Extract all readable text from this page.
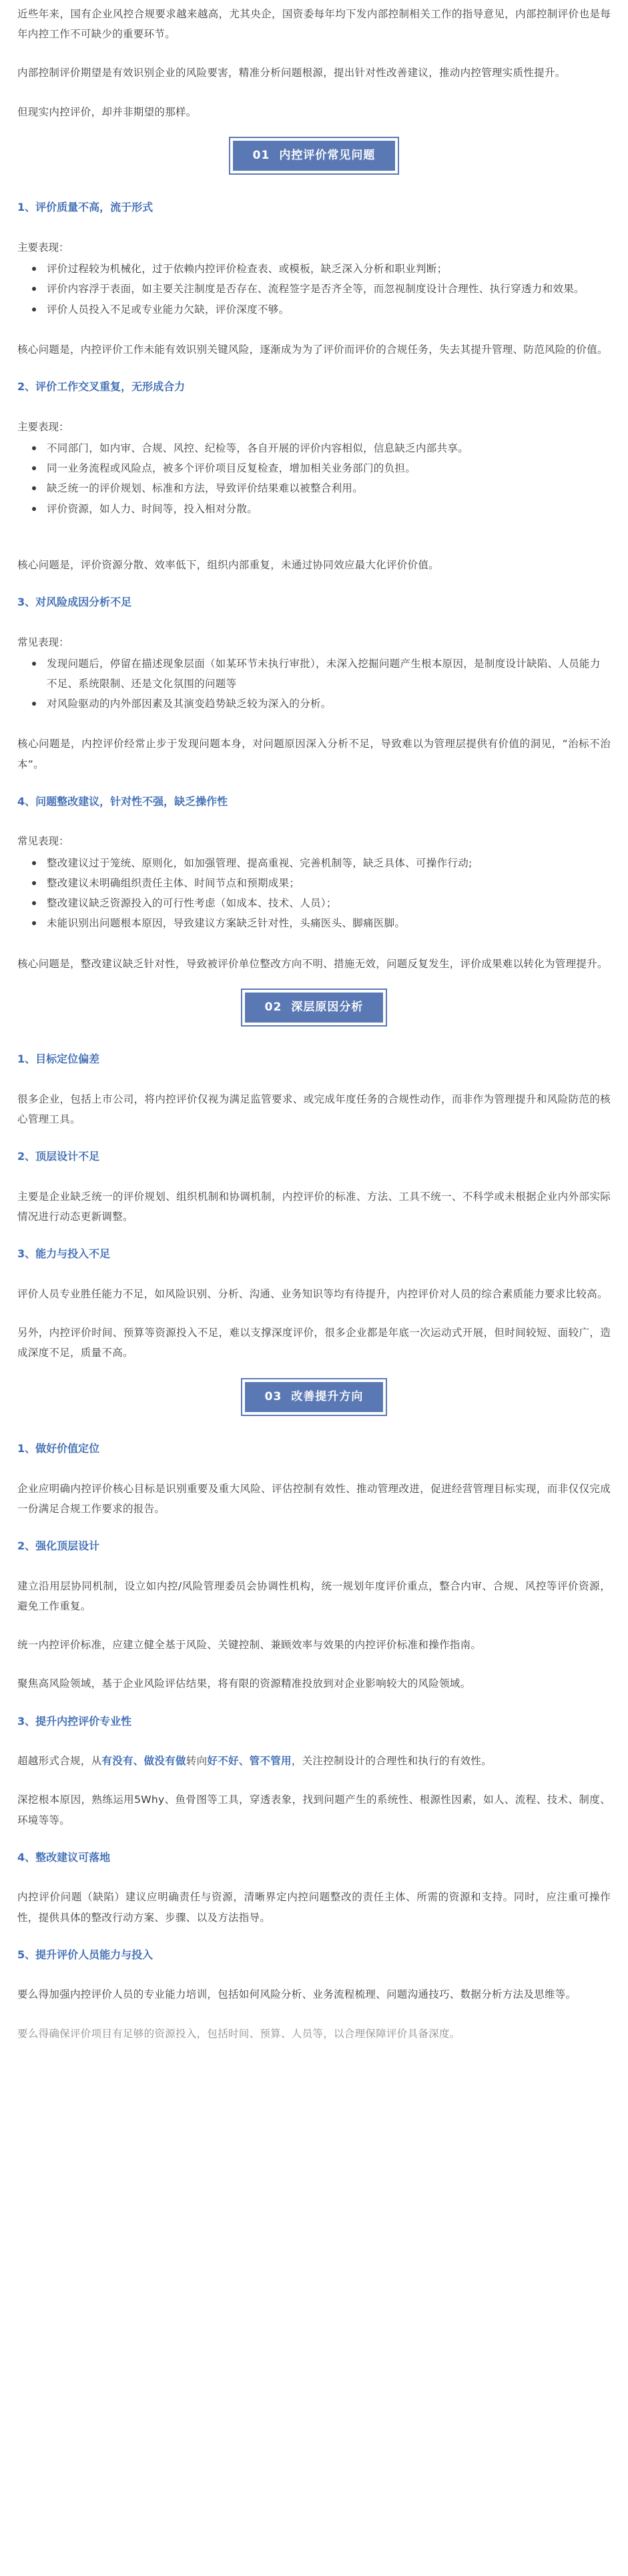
近些年来，国有企业风控合规要求越来越高，尤其央企，国资委每年均下发内部控制相关工作的指导意见，内部控制评价也是每年内控工作不可缺少的重要环节。

内部控制评价期望是有效识别企业的风险要害，精准分析问题根源，提出针对性改善建议，推动内控管理实质性提升。

但现实内控评价，却并非期望的那样。

01 内控评价常见问题
1、评价质量不高，流于形式
主要表现：
评价过程较为机械化，过于依赖内控评价检查表、或模板，缺乏深入分析和职业判断；
评价内容浮于表面，如主要关注制度是否存在、流程签字是否齐全等，而忽视制度设计合理性、执行穿透力和效果。
评价人员投入不足或专业能力欠缺，评价深度不够。

核心问题是，内控评价工作未能有效识别关键风险，逐渐成为为了评价而评价的合规任务，失去其提升管理、防范风险的价值。

2、评价工作交叉重复，无形成合力
主要表现：
不同部门，如内审、合规、风控、纪检等，各自开展的评价内容相似，信息缺乏内部共享。
同一业务流程或风险点，被多个评价项目反复检查，增加相关业务部门的负担。
缺乏统一的评价规划、标准和方法，导致评价结果难以被整合利用。
评价资源，如人力、时间等，投入相对分散。

核心问题是，评价资源分散、效率低下，组织内部重复，未通过协同效应最大化评价价值。

3、对风险成因分析不足
常见表现：
发现问题后，停留在描述现象层面（如某环节未执行审批），未深入挖掘问题产生根本原因，是制度设计缺陷、人员能力不足、系统限制、还是文化氛围的问题等
对风险驱动的内外部因素及其演变趋势缺乏较为深入的分析。

核心问题是，内控评价经常止步于发现问题本身，对问题原因深入分析不足，导致难以为管理层提供有价值的洞见，“治标不治本”。

4、问题整改建议，针对性不强，缺乏操作性
常见表现：
整改建议过于笼统、原则化，如加强管理、提高重视、完善机制等，缺乏具体、可操作行动;
整改建议未明确组织责任主体、时间节点和预期成果；
整改建议缺乏资源投入的可行性考虑（如成本、技术、人员）；
未能识别出问题根本原因，导致建议方案缺乏针对性，头痛医头、脚痛医脚。

核心问题是，整改建议缺乏针对性，导致被评价单位整改方向不明、措施无效，问题反复发生，评价成果难以转化为管理提升。

02 深层原因分析
1、目标定位偏差

很多企业，包括上市公司，将内控评价仅视为满足监管要求、或完成年度任务的合规性动作，而非作为管理提升和风险防范的核心管理工具。

2、顶层设计不足

主要是企业缺乏统一的评价规划、组织机制和协调机制，内控评价的标准、方法、工具不统一、不科学或未根据企业内外部实际情况进行动态更新调整。

3、能力与投入不足

评价人员专业胜任能力不足，如风险识别、分析、沟通、业务知识等均有待提升，内控评价对人员的综合素质能力要求比较高。

另外，内控评价时间、预算等资源投入不足，难以支撑深度评价，很多企业都是年底一次运动式开展，但时间较短、面较广，造成深度不足，质量不高。

03 改善提升方向
1、做好价值定位

企业应明确内控评价核心目标是识别重要及重大风险、评估控制有效性、推动管理改进，促进经营管理目标实现，而非仅仅完成一份满足合规工作要求的报告。

2、强化顶层设计

建立沿用层协同机制，设立如内控/风险管理委员会协调性机构，统一规划年度评价重点，整合内审、合规、风控等评价资源，避免工作重复。

统一内控评价标准，应建立健全基于风险、关键控制、兼顾效率与效果的内控评价标准和操作指南。

聚焦高风险领域，基于企业风险评估结果，将有限的资源精准投放到对企业影响较大的风险领域。

3、提升内控评价专业性

超越形式合规，从有没有、做没有做转向好不好、管不管用，关注控制设计的合理性和执行的有效性。

深挖根本原因，熟练运用5Why、鱼骨图等工具，穿透表象，找到问题产生的系统性、根源性因素，如人、流程、技术、制度、环境等等。

4、整改建议可落地

内控评价问题（缺陷）建议应明确责任与资源，清晰界定内控问题整改的责任主体、所需的资源和支持。同时，应注重可操作性，提供具体的整改行动方案、步骤、以及方法指导。

5、提升评价人员能力与投入

要么得加强内控评价人员的专业能力培训，包括如何风险分析、业务流程梳理、问题沟通技巧、数据分析方法及思维等。

要么得确保评价项目有足够的资源投入，包括时间、预算、人员等，以合理保障评价具备深度。
